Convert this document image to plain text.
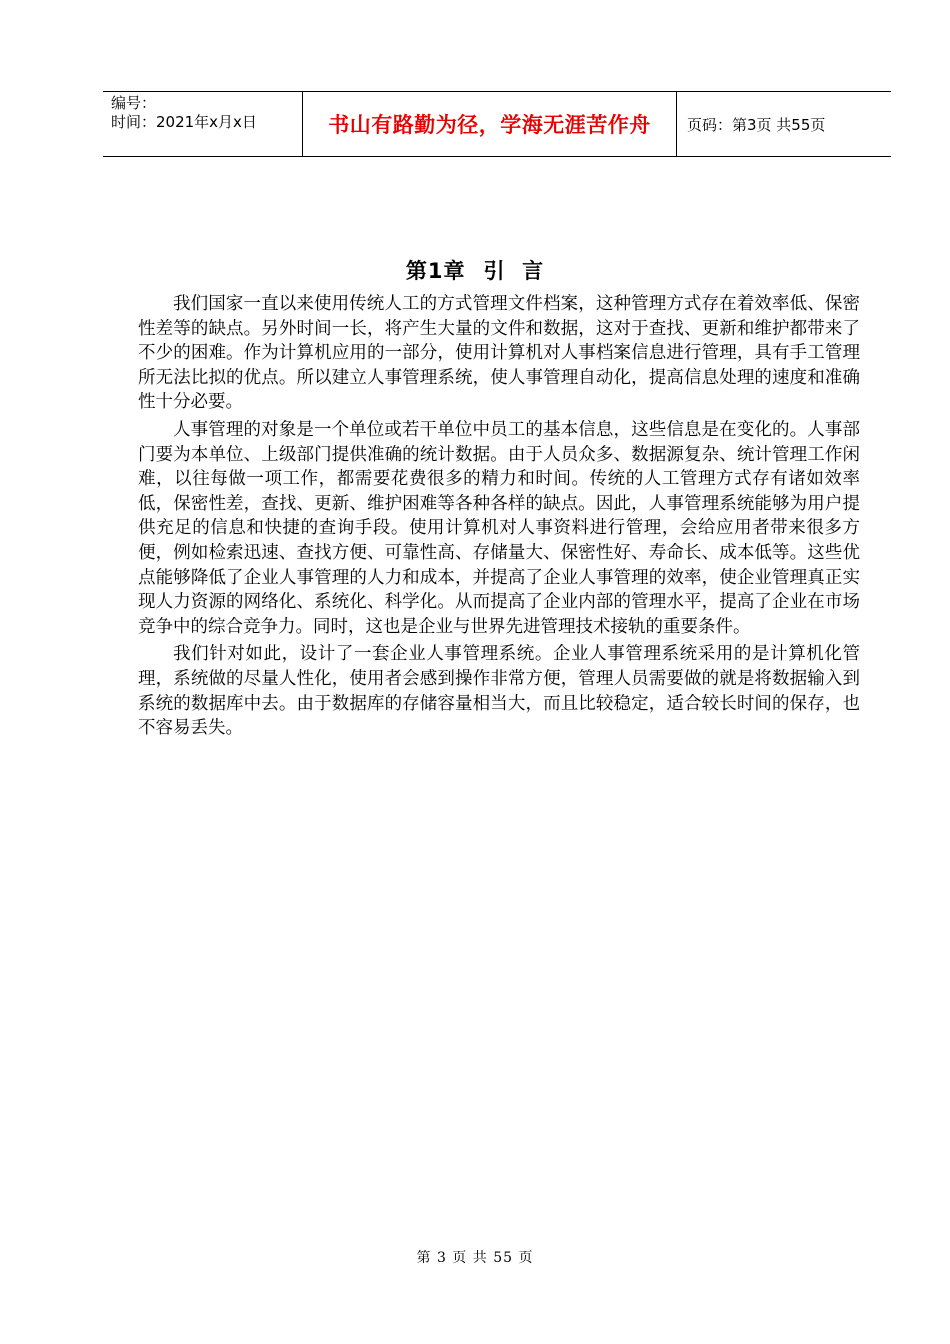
编号：
时间：2021年x月x日	书山有路勤为径，学海无涯苦作舟	页码：第3页 共55页
第1章 引  言

我们国家一直以来使用传统人工的方式管理文件档案，这种管理方式存在着效率低、保密性差等的缺点。另外时间一长，将产生大量的文件和数据，这对于查找、更新和维护都带来了不少的困难。作为计算机应用的一部分，使用计算机对人事档案信息进行管理，具有手工管理所无法比拟的优点。所以建立人事管理系统，使人事管理自动化，提高信息处理的速度和准确性十分必要。

人事管理的对象是一个单位或若干单位中员工的基本信息，这些信息是在变化的。人事部门要为本单位、上级部门提供准确的统计数据。由于人员众多、数据源复杂、统计管理工作闲难，以往每做一项工作，都需要花费很多的精力和时间。传统的人工管理方式存有诸如效率低，保密性差，查找、更新、维护困难等各种各样的缺点。因此，人事管理系统能够为用户提供充足的信息和快捷的查询手段。使用计算机对人事资料进行管理，会给应用者带来很多方便，例如检索迅速、查找方便、可靠性高、存储量大、保密性好、寿命长、成本低等。这些优点能够降低了企业人事管理的人力和成本，并提高了企业人事管理的效率，使企业管理真正实现人力资源的网络化、系统化、科学化。从而提高了企业内部的管理水平，提高了企业在市场竞争中的综合竞争力。同时，这也是企业与世界先进管理技术接轨的重要条件。

我们针对如此，设计了一套企业人事管理系统。企业人事管理系统采用的是计算机化管理，系统做的尽量人性化，使用者会感到操作非常方便，管理人员需要做的就是将数据输入到系统的数据库中去。由于数据库的存储容量相当大，而且比较稳定，适合较长时间的保存，也不容易丢失。

第 3 页 共 55 页
